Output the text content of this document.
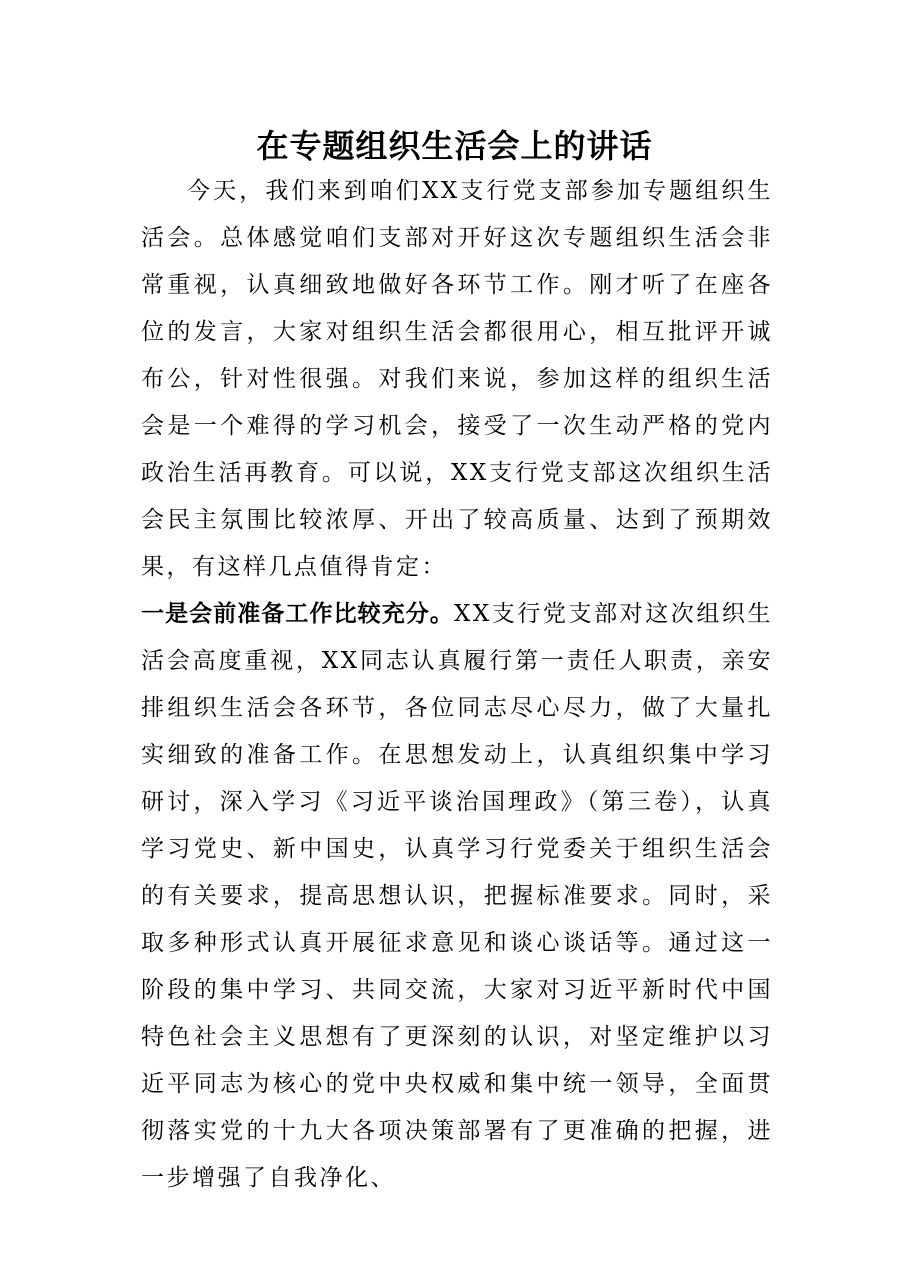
在专题组织生活会上的讲话

今天，我们来到咱们XX支行党支部参加专题组织生活会。总体感觉咱们支部对开好这次专题组织生活会非常重视，认真细致地做好各环节工作。刚才听了在座各位的发言，大家对组织生活会都很用心，相互批评开诚布公，针对性很强。对我们来说，参加这样的组织生活会是一个难得的学习机会，接受了一次生动严格的党内政治生活再教育。可以说，XX支行党支部这次组织生活会民主氛围比较浓厚、开出了较高质量、达到了预期效果，有这样几点值得肯定：

一是会前准备工作比较充分。XX支行党支部对这次组织生活会高度重视，XX同志认真履行第一责任人职责，亲安排组织生活会各环节，各位同志尽心尽力，做了大量扎实细致的准备工作。在思想发动上，认真组织集中学习研讨，深入学习《习近平谈治国理政》（第三卷），认真学习党史、新中国史，认真学习行党委关于组织生活会的有关要求，提高思想认识，把握标准要求。同时，采取多种形式认真开展征求意见和谈心谈话等。通过这一阶段的集中学习、共同交流，大家对习近平新时代中国特色社会主义思想有了更深刻的认识，对坚定维护以习近平同志为核心的党中央权威和集中统一领导，全面贯彻落实党的十九大各项决策部署有了更准确的把握，进一步增强了自我净化、
